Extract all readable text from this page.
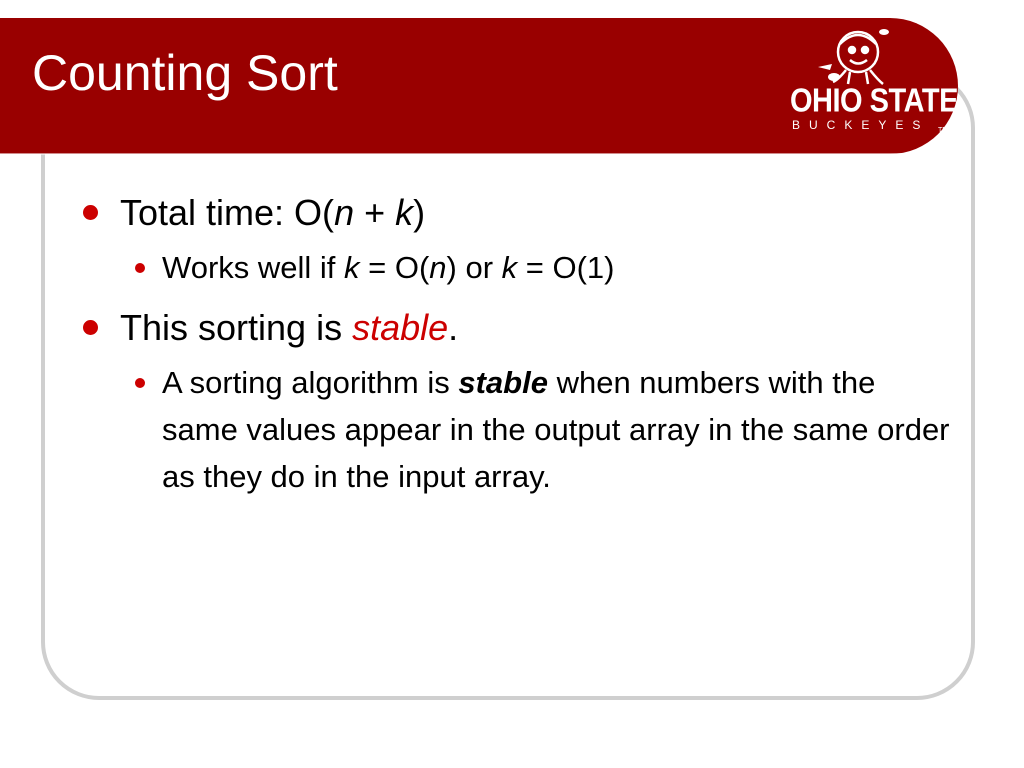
Counting Sort	OHIO STATE
BUCKEYES TM
Total time: O(n + k)
Works well if k = O(n) or k = O(1)
This sorting is stable.
A sorting algorithm is stable when numbers with the same values appear in the output array in the same order as they do in the input array.
